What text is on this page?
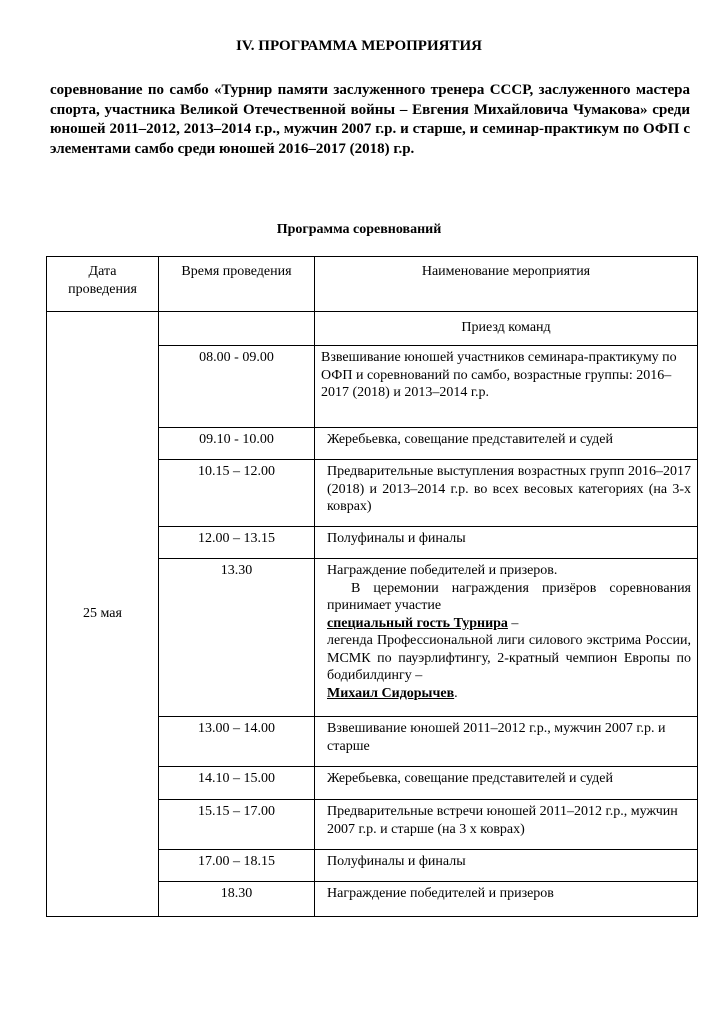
IV. ПРОГРАММА МЕРОПРИЯТИЯ

соревнование по самбо «Турнир памяти заслуженного тренера СССР, заслуженного мастера спорта, участника Великой Отечественной войны – Евгения Михайловича Чумакова» среди юношей 2011–2012, 2013–2014 г.р., мужчин 2007 г.р. и старше, и семинар-практикум по ОФП с элементами самбо среди юношей 2016–2017 (2018) г.р.

Программа соревнований
Дата проведения	Время проведения	Наименование мероприятия
25 мая		Приезд команд

	08.00 - 09.00	Взвешивание юношей участников семинара-практикуму по ОФП и соревнований по самбо, возрастные группы: 2016–2017 (2018) и 2013–2014 г.р.

	09.10 - 10.00	Жеребьевка, совещание представителей и судей

	10.15 – 12.00	Предварительные выступления возрастных групп 2016–2017 (2018) и 2013–2014 г.р. во всех весовых категориях (на 3-х коврах)

	12.00 – 13.15	Полуфиналы и финалы

	13.30	Награждение победителей и призеров.
В церемонии награждения призёров соревнования принимает участие
специальный гость Турнира –
легенда Профессиональной лиги силового экстрима России, МСМК по пауэрлифтингу, 2-кратный чемпион Европы по бодибилдингу –
Михаил Сидорычев.

	13.00 – 14.00	Взвешивание юношей 2011–2012 г.р., мужчин 2007 г.р. и старше

	14.10 – 15.00	Жеребьевка, совещание представителей и судей

	15.15 – 17.00	Предварительные встречи юношей 2011–2012 г.р., мужчин 2007 г.р. и старше (на 3 х коврах)

	17.00 – 18.15	Полуфиналы и финалы

	18.30	Награждение победителей и призеров
